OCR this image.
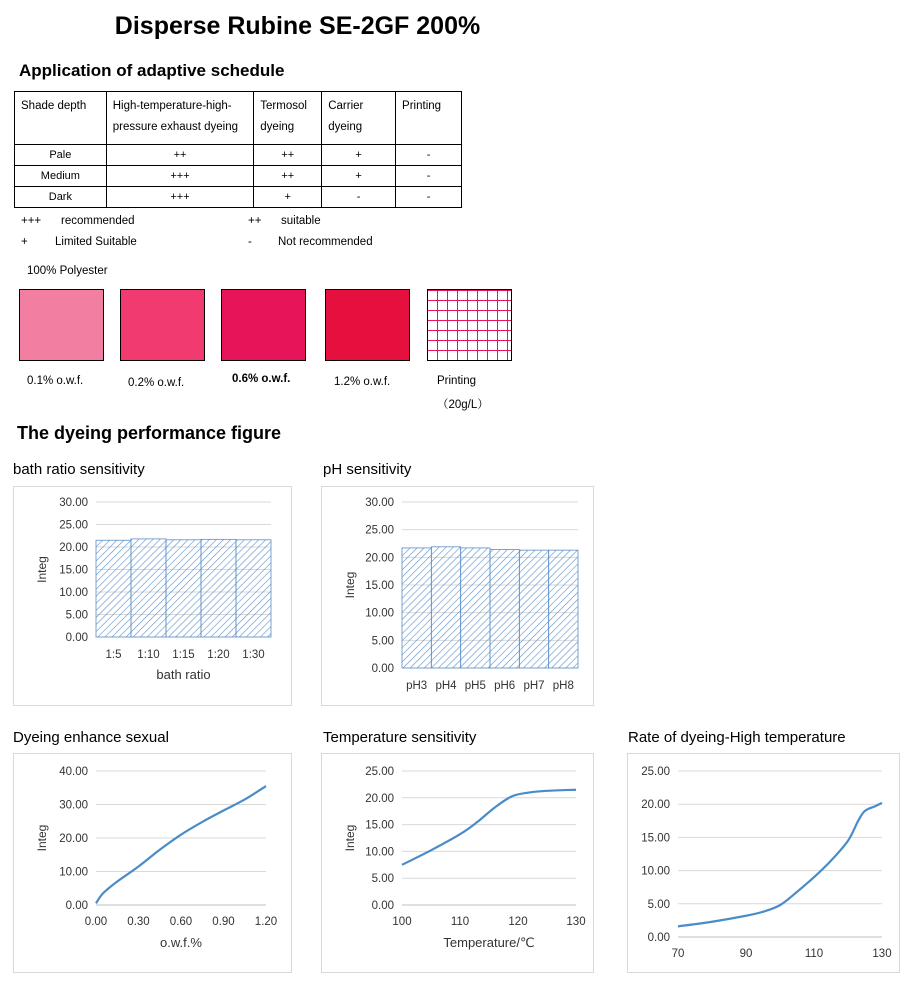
Disperse Rubine SE-2GF 200%
Application of adaptive schedule
Shade depth	High-temperature-high-pressure exhaust dyeing	Termosol dyeing	Carrier dyeing	Printing
Pale	++	++	+	-
Medium	+++	++	+	-
Dark	+++	+	-	-
+++ recommended	++ suitable
+ Limited Suitable	- Not recommended
100% Polyester
0.1% o.w.f.	0.2% o.w.f.	0.6% o.w.f.	1.2% o.w.f.	Printing
（20g/L）
The dyeing performance figure
bath ratio sensitivity	pH sensitivity
Dyeing enhance sexual	Temperature sensitivity	Rate of dyeing-High temperature
0.00
5.00
10.00
15.00
20.00
25.00
30.00
1:5 1:10 1:15 1:20 1:30
Integ
bath ratio	0.00
5.00
10.00
15.00
20.00
25.00
30.00
pH3 pH4 pH5 pH6 pH7 pH8
Integ
0.00
10.00
20.00
30.00
40.00
0.00 0.30 0.60 0.90 1.20
Integ
o.w.f.%
0.00
5.00
10.00
15.00
20.00
25.00
100	110	120	130
Integ
Temperature/℃	0.00
5.00
10.00
15.00
20.00
25.00
70	90	110	130
